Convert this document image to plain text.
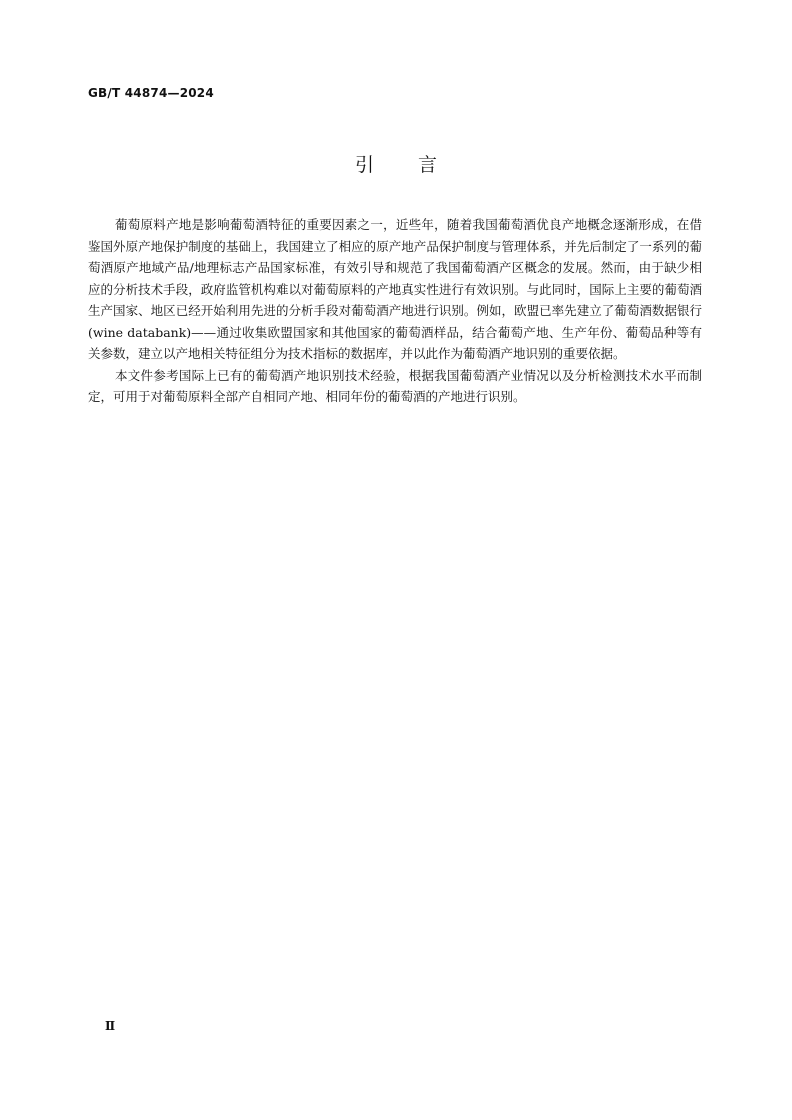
GB/T 44874—2024
引言

葡萄原料产地是影响葡萄酒特征的重要因素之一，近些年，随着我国葡萄酒优良产地概念逐渐形成，在借鉴国外原产地保护制度的基础上，我国建立了相应的原产地产品保护制度与管理体系，并先后制定了一系列的葡萄酒原产地域产品/地理标志产品国家标准，有效引导和规范了我国葡萄酒产区概念的发展。然而，由于缺少相应的分析技术手段，政府监管机构难以对葡萄原料的产地真实性进行有效识别。与此同时，国际上主要的葡萄酒生产国家、地区已经开始利用先进的分析手段对葡萄酒产地进行识别。例如，欧盟已率先建立了葡萄酒数据银行(wine databank)——通过收集欧盟国家和其他国家的葡萄酒样品，结合葡萄产地、生产年份、葡萄品种等有关参数，建立以产地相关特征组分为技术指标的数据库，并以此作为葡萄酒产地识别的重要依据。

本文件参考国际上已有的葡萄酒产地识别技术经验，根据我国葡萄酒产业情况以及分析检测技术水平而制定，可用于对葡萄原料全部产自相同产地、相同年份的葡萄酒的产地进行识别。

Ⅱ
